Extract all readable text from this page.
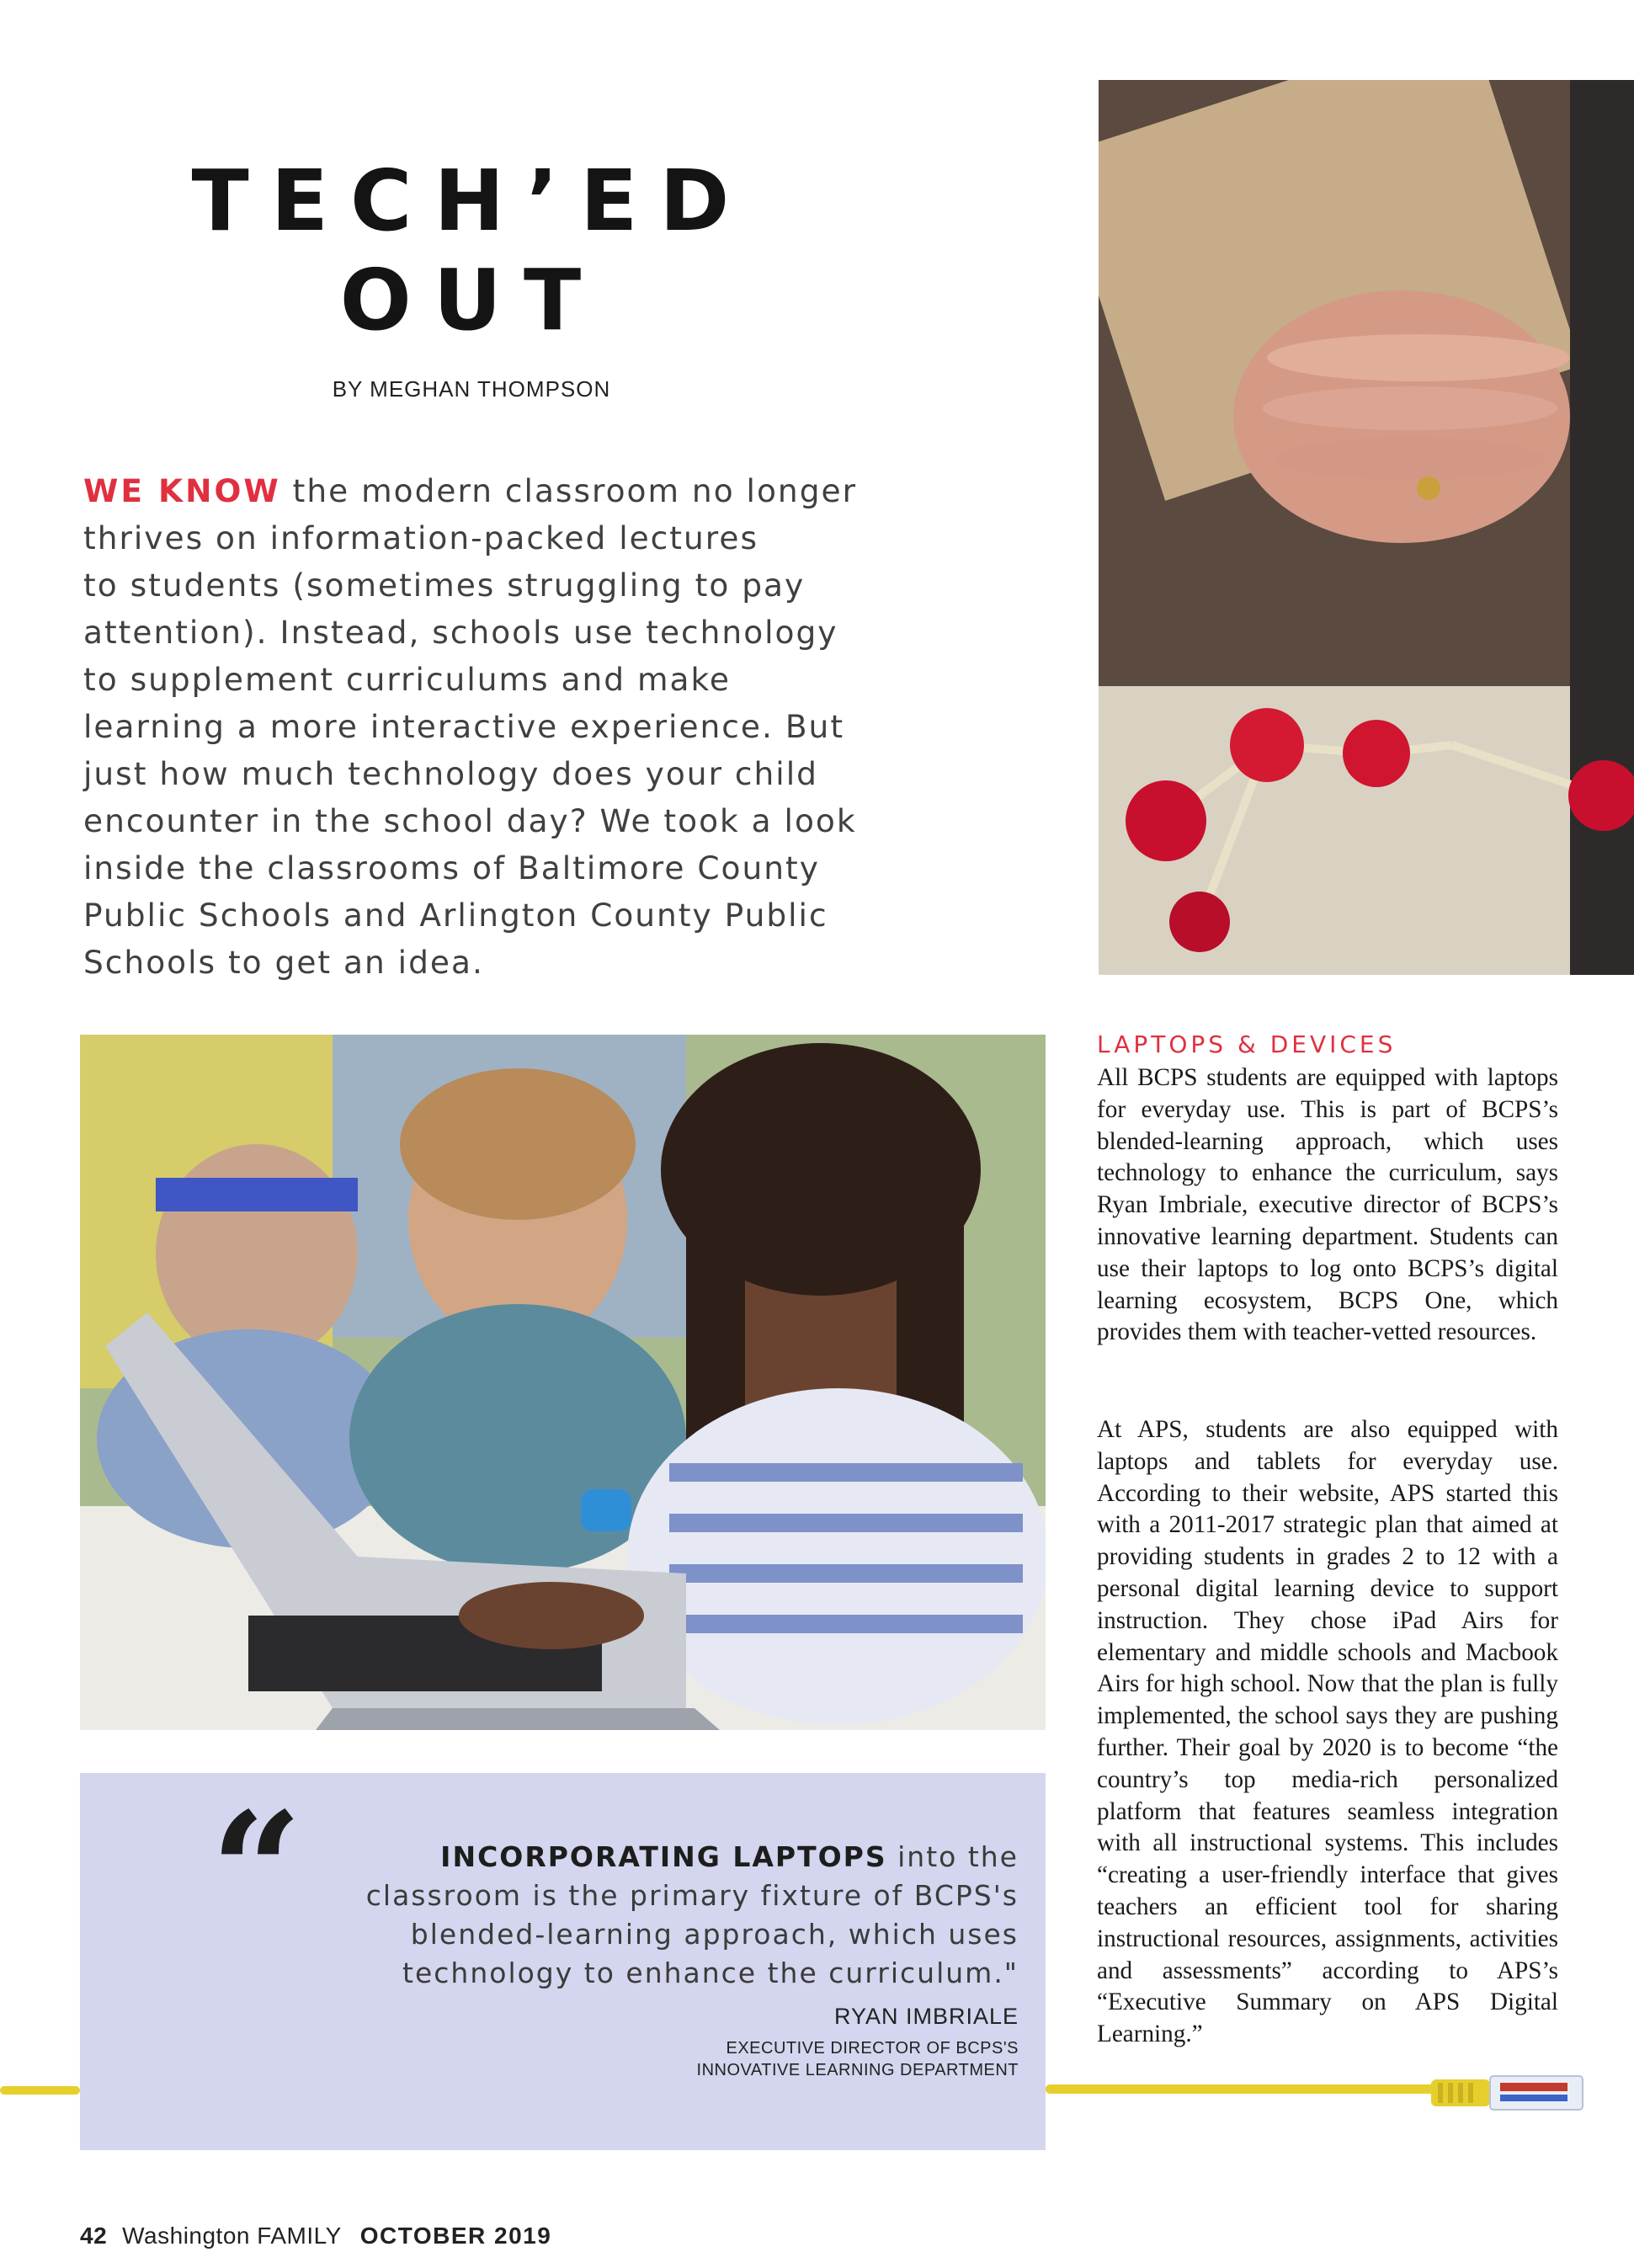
TECH’ED
OUT
BY MEGHAN THOMPSON
WE KNOW the modern classroom no longer
thrives on information-packed lectures
to students (sometimes struggling to pay
attention). Instead, schools use technology
to supplement curriculums and make
learning a more interactive experience. But
just how much technology does your child
encounter in the school day? We took a look
inside the classrooms of Baltimore County
Public Schools and Arlington County Public
Schools to get an idea.
LAPTOPS & DEVICES
All BCPS students are equipped with laptops for everyday use. This is part of BCPS’s blended-learning approach, which uses technology to enhance the curriculum, says Ryan Imbriale, executive director of BCPS’s innovative learning department. Students can use their laptops to log onto BCPS’s digital learning ecosystem, BCPS One, which provides them with teacher-vetted resources.
At APS, students are also equipped with laptops and tablets for everyday use. According to their website, APS started this with a 2011-2017 strategic plan that aimed at providing students in grades 2 to 12 with a personal digital learning device to support instruction. They chose iPad Airs for elementary and middle schools and Macbook Airs for high school. Now that the plan is fully implemented, the school says they are pushing further. Their goal by 2020 is to become “the country’s top media-rich personalized platform that features seamless integration with all instructional systems. This includes “creating a user-friendly interface that gives teachers an efficient tool for sharing instructional resources, assignments, activities and assessments” according to APS’s “Executive Summary on APS Digital Learning.”
“	INCORPORATING LAPTOPS into the
classroom is the primary fixture of BCPS's
blended-learning approach, which uses
technology to enhance the curriculum."
RYAN IMBRIALE
EXECUTIVE DIRECTOR OF BCPS'S
INNOVATIVE LEARNING DEPARTMENT
42 Washington FAMILY OCTOBER 2019
